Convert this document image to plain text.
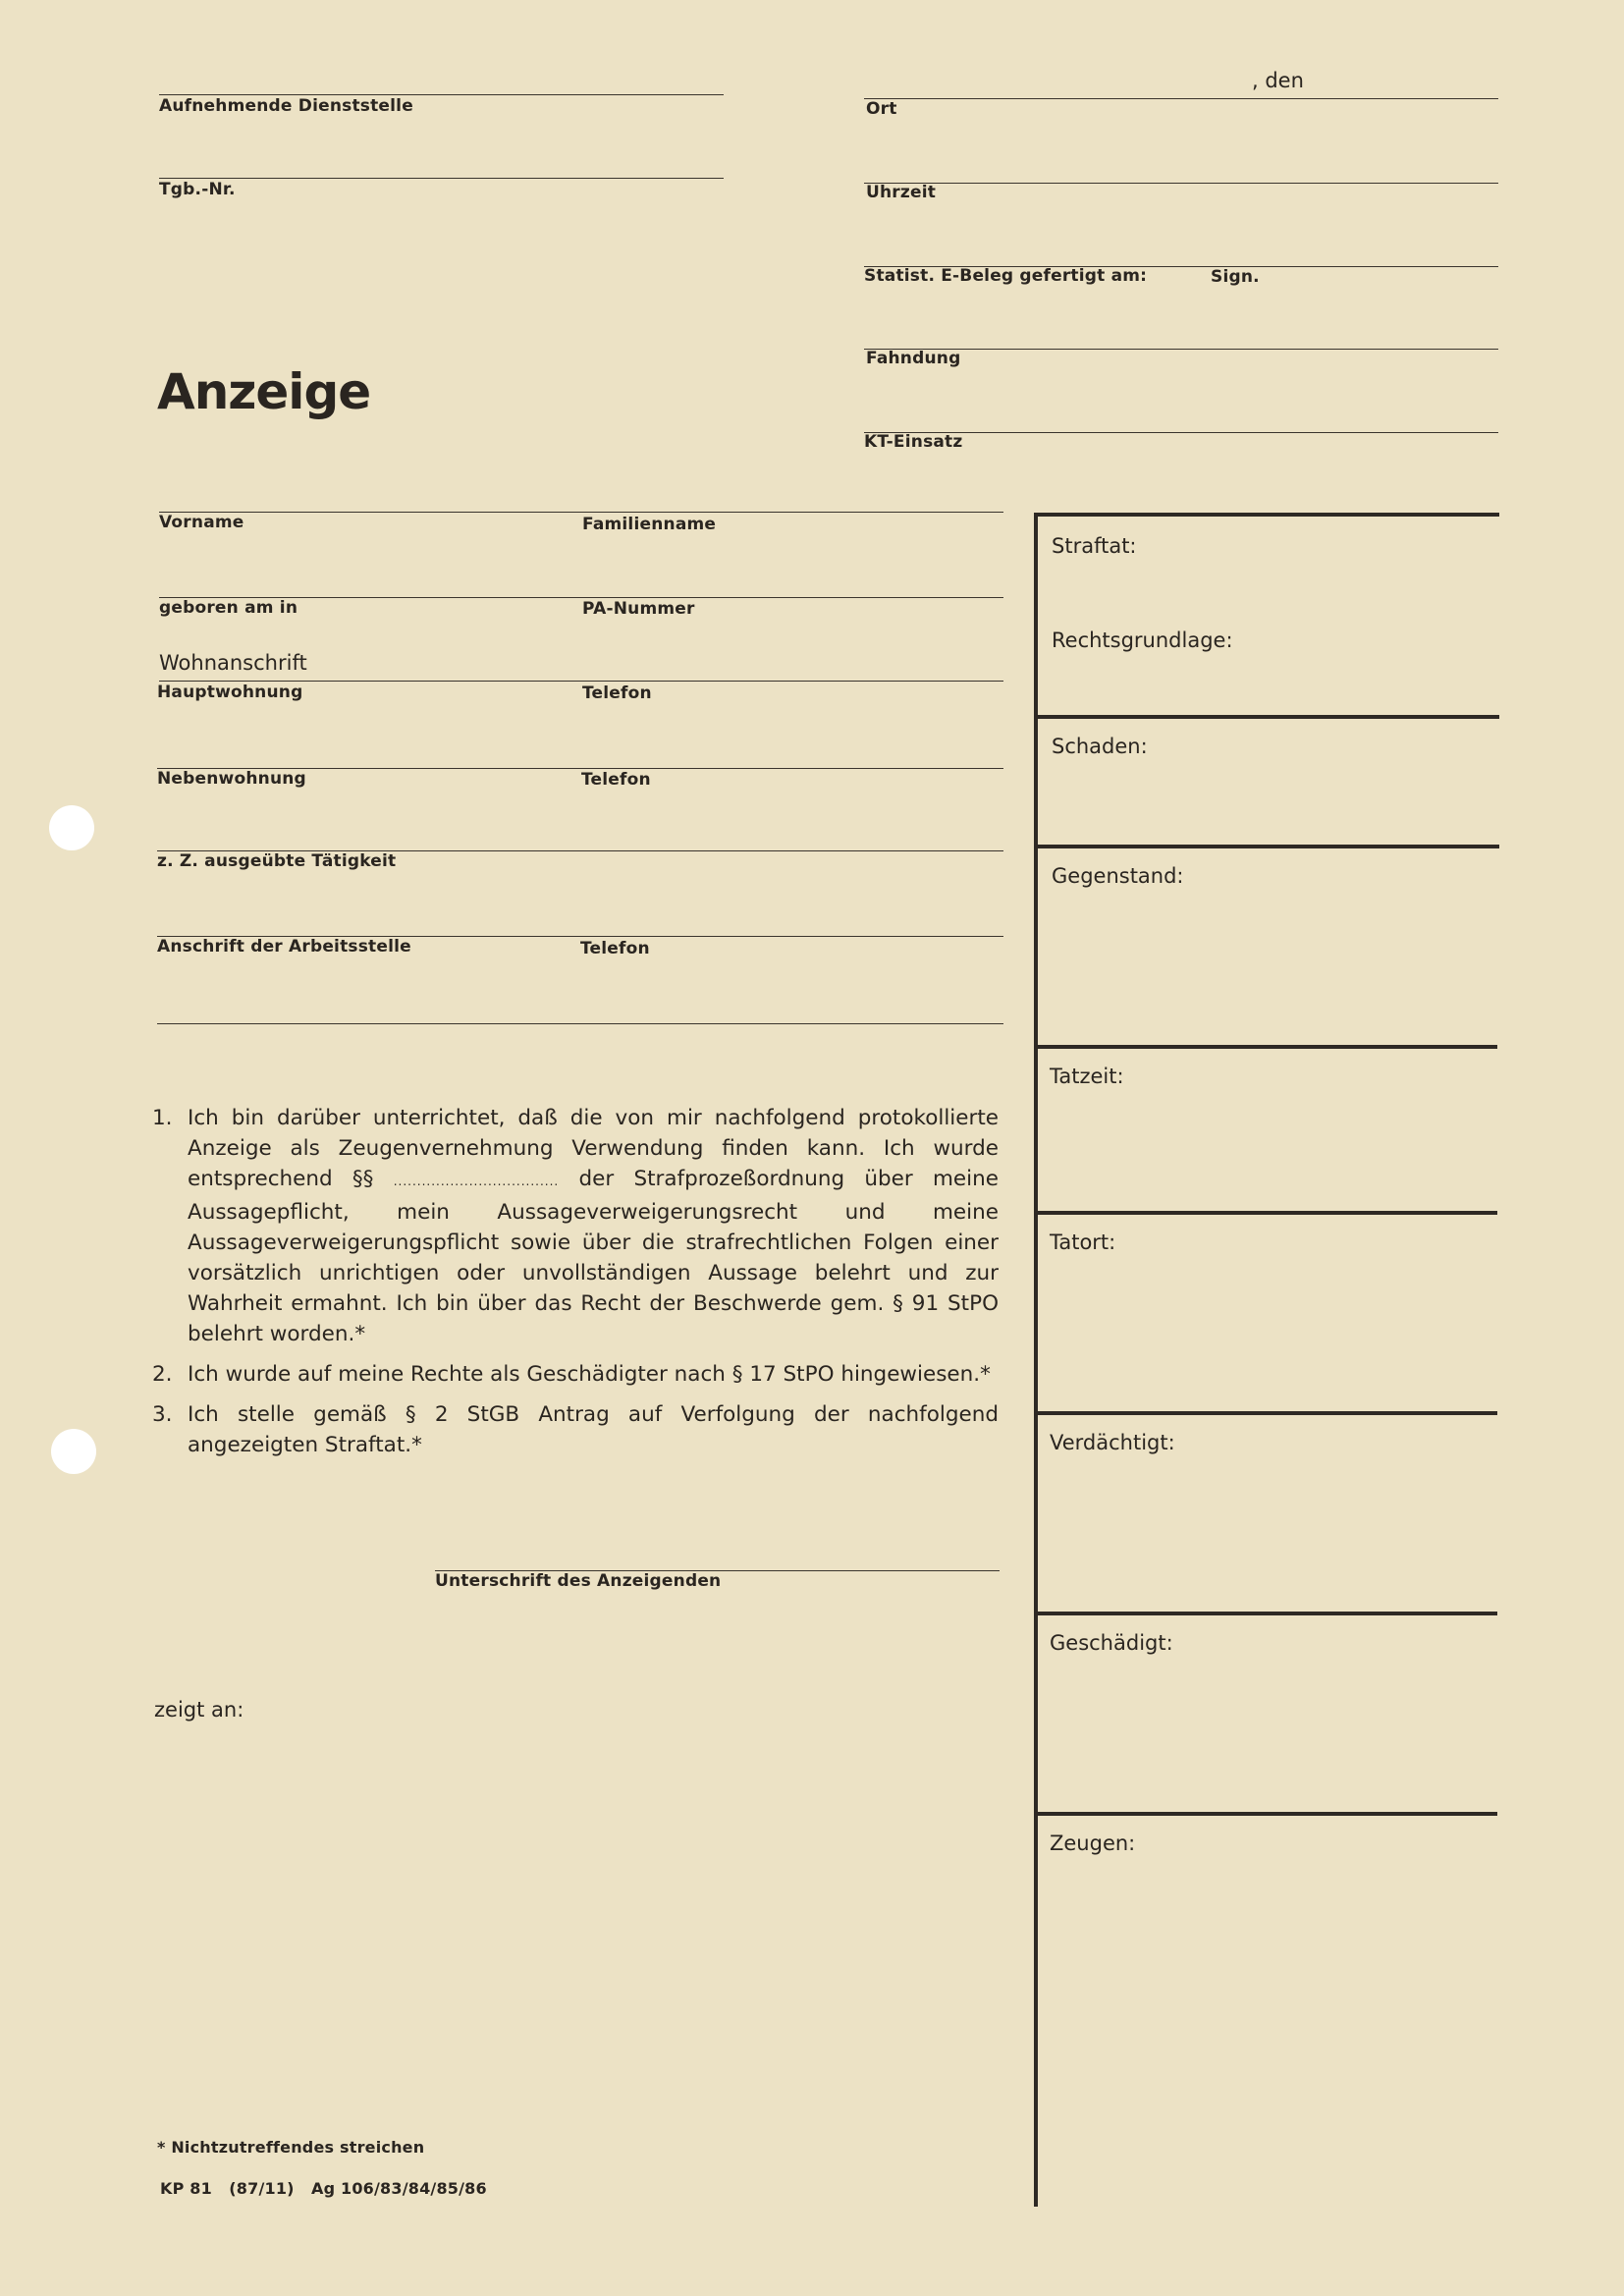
Aufnehmende Dienststelle
Tgb.-Nr.
, den
Ort
Uhrzeit
Statist. E-Beleg gefertigt am:	Sign.
Fahndung
KT-Einsatz
Anzeige
Vorname	Familienname
geboren am in	PA-Nummer
Wohnanschrift
Hauptwohnung	Telefon
Nebenwohnung	Telefon
z. Z. ausgeübte Tätigkeit
Anschrift der Arbeitsstelle	Telefon

1. Ich bin darüber unterrichtet, daß die von mir nachfolgend protokollierte Anzeige als Zeugenvernehmung Verwendung finden kann. Ich wurde entsprechend §§ ................................... der Strafprozeßordnung über meine Aussagepflicht, mein Aussageverweigerungsrecht und meine Aussageverweigerungspflicht sowie über die strafrechtlichen Folgen einer vorsätzlich unrichtigen oder unvollständigen Aussage belehrt und zur Wahrheit ermahnt. Ich bin über das Recht der Beschwerde gem. § 91 StPO belehrt worden.*

2. Ich wurde auf meine Rechte als Geschädigter nach § 17 StPO hingewiesen.*

3. Ich stelle gemäß § 2 StGB Antrag auf Verfolgung der nachfolgend angezeigten Straftat.*

Unterschrift des Anzeigenden
zeigt an:
* Nichtzutreffendes streichen
KP 81   (87/11)   Ag 106/83/84/85/86
Straftat:
Rechtsgrundlage:
Schaden:
Gegenstand:
Tatzeit:
Tatort:
Verdächtigt:
Geschädigt:
Zeugen:
